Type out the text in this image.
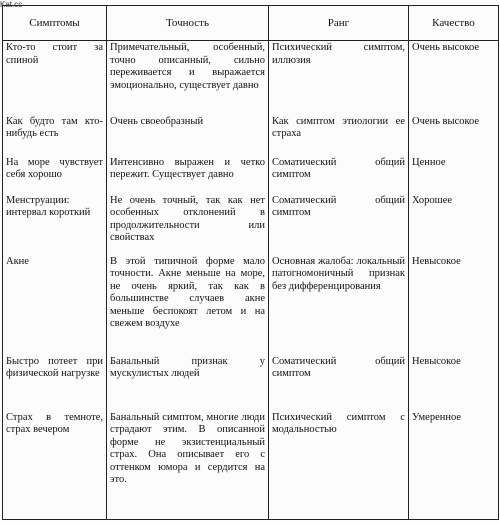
Kat.cc
Симптомы	Точность	Ранг	Качество
Кто-то стоит за спиной	Примечательный, особенный, точно описанный, сильно переживается и выражается эмоционально, существует давно	Психический симптом, иллюзия	Очень высокое
Как будто там кто-нибудь есть	Очень своеобразный	Как симптом этиологии ее страха	Очень высокое
На море чувствует себя хорошо	Интенсивно выражен и четко пережит. Существует давно	Соматический общий симптом	Ценное
Менструации: интервал короткий	Не очень точный, так как нет особенных отклонений в продолжительности или свойствах	Соматический общий симптом	Хорошее
Акне	В этой типичной форме мало точности. Акне меньше на море, не очень яркий, так как в большинстве случаев акне меньше беспокоят летом и на свежем воздухе	Основная жалоба: локальный патогномоничный признак без дифференцирования	Невысокое
Быстро потеет при физической нагрузке	Банальный признак у мускулистых людей	Соматический общий симптом	Невысокое
Страх в темноте, страх вечером	Банальный симптом, многие люди страдают этим. В описанной форме не экзистенциальный страх. Она описывает его с оттенком юмора и сердится на это.	Психический симптом с модальностью	Умеренное
